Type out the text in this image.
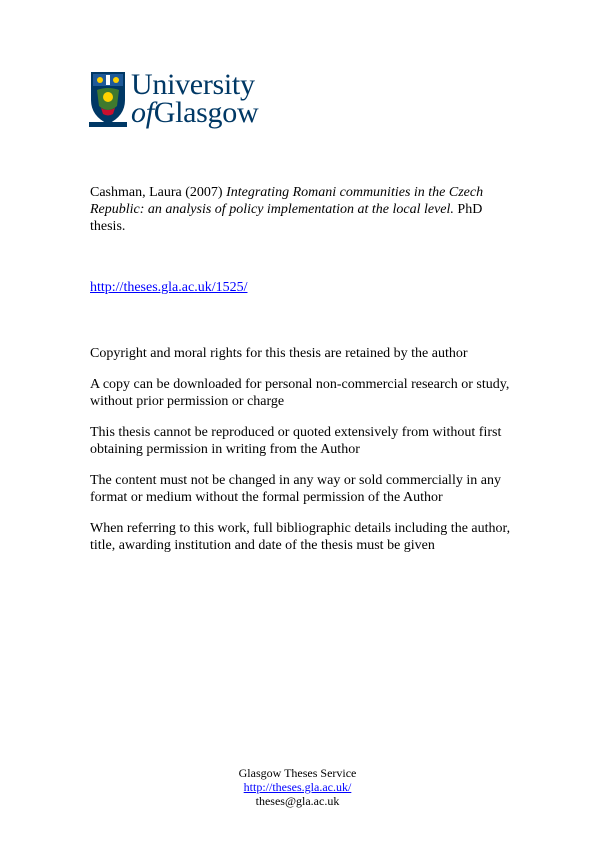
University
ofGlasgow
Cashman, Laura (2007) Integrating Romani communities in the Czech Republic: an analysis of policy implementation at the local level. PhD thesis.
http://theses.gla.ac.uk/1525/

Copyright and moral rights for this thesis are retained by the author

A copy can be downloaded for personal non-commercial research or study, without prior permission or charge

This thesis cannot be reproduced or quoted extensively from without first obtaining permission in writing from the Author

The content must not be changed in any way or sold commercially in any format or medium without the formal permission of the Author

When referring to this work, full bibliographic details including the author, title, awarding institution and date of the thesis must be given

Glasgow Theses Service
http://theses.gla.ac.uk/
theses@gla.ac.uk
